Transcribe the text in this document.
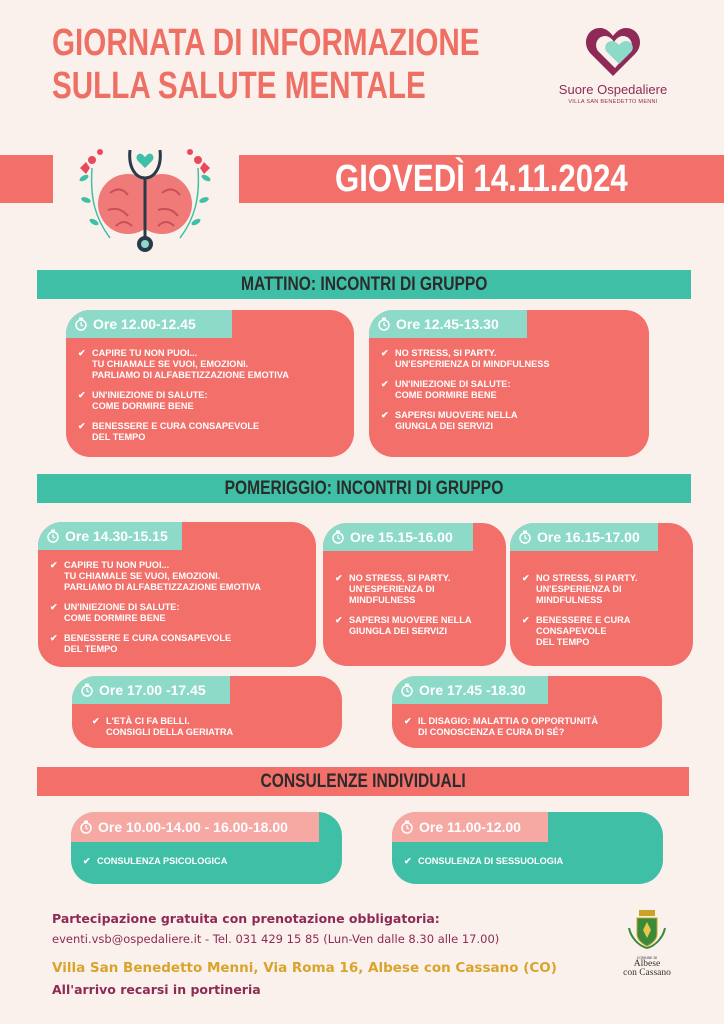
GIORNATA DI INFORMAZIONE
SULLA SALUTE MENTALE	Suore Ospedaliere
VILLA SAN BENEDETTO MENNI
GIOVEDÌ 14.11.2024
MATTINO: INCONTRI DI GRUPPO
Ore 12.00-12.45
✔ CAPIRE TU NON PUOI...
TU CHIAMALE SE VUOI, EMOZIONI.
PARLIAMO DI ALFABETIZZAZIONE EMOTIVA
✔ UN'INIEZIONE DI SALUTE:
COME DORMIRE BENE
✔ BENESSERE E CURA CONSAPEVOLE
DEL TEMPO
Ore 12.45-13.30
✔ NO STRESS, SI PARTY.
UN'ESPERIENZA DI MINDFULNESS
✔ UN'INIEZIONE DI SALUTE:
COME DORMIRE BENE
✔ SAPERSI MUOVERE NELLA
GIUNGLA DEI SERVIZI
POMERIGGIO: INCONTRI DI GRUPPO
Ore 14.30-15.15
✔ CAPIRE TU NON PUOI...
TU CHIAMALE SE VUOI, EMOZIONI.
PARLIAMO DI ALFABETIZZAZIONE EMOTIVA
✔ UN'INIEZIONE DI SALUTE:
COME DORMIRE BENE
✔ BENESSERE E CURA CONSAPEVOLE
DEL TEMPO
Ore 15.15-16.00
✔ NO STRESS, SI PARTY.
UN'ESPERIENZA DI
MINDFULNESS
✔ SAPERSI MUOVERE NELLA
GIUNGLA DEI SERVIZI
Ore 16.15-17.00
✔ NO STRESS, SI PARTY.
UN'ESPERIENZA DI
MINDFULNESS
✔ BENESSERE E CURA
CONSAPEVOLE
DEL TEMPO
Ore 17.00 -17.45
✔ L'ETÀ CI FA BELLI.
CONSIGLI DELLA GERIATRA
Ore 17.45 -18.30
✔ IL DISAGIO: MALATTIA O OPPORTUNITÀ
DI CONOSCENZA E CURA DI SÉ?
CONSULENZE INDIVIDUALI
Ore 10.00-14.00 - 16.00-18.00
✔ CONSULENZA PSICOLOGICA
Ore 11.00-12.00
✔ CONSULENZA DI SESSUOLOGIA
Partecipazione gratuita con prenotazione obbligatoria:
eventi.vsb@ospedaliere.it - Tel. 031 429 15 85 (Lun-Ven dalle 8.30 alle 17.00)
Villa San Benedetto Menni, Via Roma 16, Albese con Cassano (CO)
All'arrivo recarsi in portineria
COMUNE DI
Albese
con Cassano
